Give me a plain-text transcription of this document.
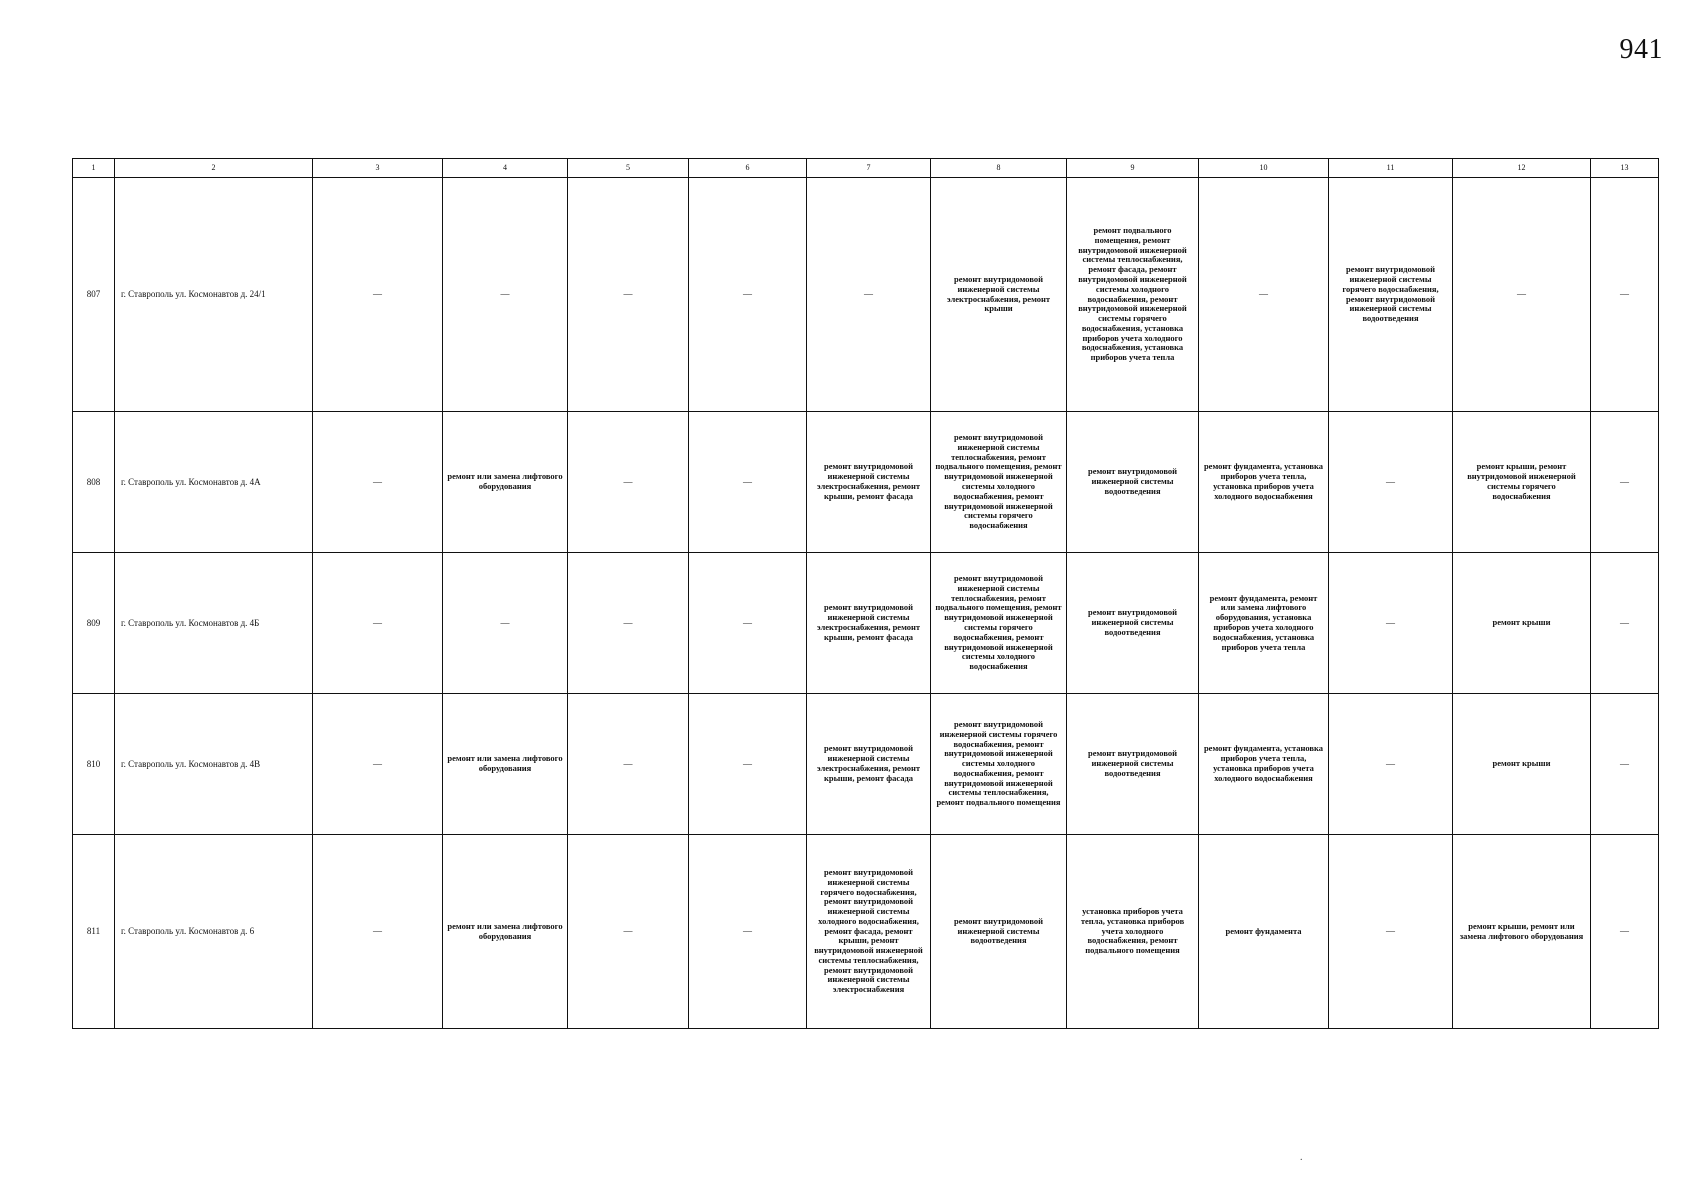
941
1	2	3	4	5	6	7	8	9	10	11	12	13
807	г. Ставрополь ул. Космонавтов д. 24/1	—	—	—	—	—	ремонт внутридомовой инженерной системы электроснабжения, ремонт крыши	ремонт подвального помещения, ремонт внутридомовой инженерной системы теплоснабжения, ремонт фасада, ремонт внутридомовой инженерной системы холодного водоснабжения, ремонт внутридомовой инженерной системы горячего водоснабжения, установка приборов учета холодного водоснабжения, установка приборов учета тепла	—	ремонт внутридомовой инженерной системы горячего водоснабжения, ремонт внутридомовой инженерной системы водоотведения	—	—
808	г. Ставрополь ул. Космонавтов д. 4А	—	ремонт или замена лифтового оборудования	—	—	ремонт внутридомовой инженерной системы электроснабжения, ремонт крыши, ремонт фасада	ремонт внутридомовой инженерной системы теплоснабжения, ремонт подвального помещения, ремонт внутридомовой инженерной системы холодного водоснабжения, ремонт внутридомовой инженерной системы горячего водоснабжения	ремонт внутридомовой инженерной системы водоотведения	ремонт фундамента, установка приборов учета тепла, установка приборов учета холодного водоснабжения	—	ремонт крыши, ремонт внутридомовой инженерной системы горячего водоснабжения	—
809	г. Ставрополь ул. Космонавтов д. 4Б	—	—	—	—	ремонт внутридомовой инженерной системы электроснабжения, ремонт крыши, ремонт фасада	ремонт внутридомовой инженерной системы теплоснабжения, ремонт подвального помещения, ремонт внутридомовой инженерной системы горячего водоснабжения, ремонт внутридомовой инженерной системы холодного водоснабжения	ремонт внутридомовой инженерной системы водоотведения	ремонт фундамента, ремонт или замена лифтового оборудования, установка приборов учета холодного водоснабжения, установка приборов учета тепла	—	ремонт крыши	—
810	г. Ставрополь ул. Космонавтов д. 4В	—	ремонт или замена лифтового оборудования	—	—	ремонт внутридомовой инженерной системы электроснабжения, ремонт крыши, ремонт фасада	ремонт внутридомовой инженерной системы горячего водоснабжения, ремонт внутридомовой инженерной системы холодного водоснабжения, ремонт внутридомовой инженерной системы теплоснабжения, ремонт подвального помещения	ремонт внутридомовой инженерной системы водоотведения	ремонт фундамента, установка приборов учета тепла, установка приборов учета холодного водоснабжения	—	ремонт крыши	—
811	г. Ставрополь ул. Космонавтов д. 6	—	ремонт или замена лифтового оборудования	—	—	ремонт внутридомовой инженерной системы горячего водоснабжения, ремонт внутридомовой инженерной системы холодного водоснабжения, ремонт фасада, ремонт крыши, ремонт внутридомовой инженерной системы теплоснабжения, ремонт внутридомовой инженерной системы электроснабжения	ремонт внутридомовой инженерной системы водоотведения	установка приборов учета тепла, установка приборов учета холодного водоснабжения, ремонт подвального помещения	ремонт фундамента	—	ремонт крыши, ремонт или замена лифтового оборудования	—
.
